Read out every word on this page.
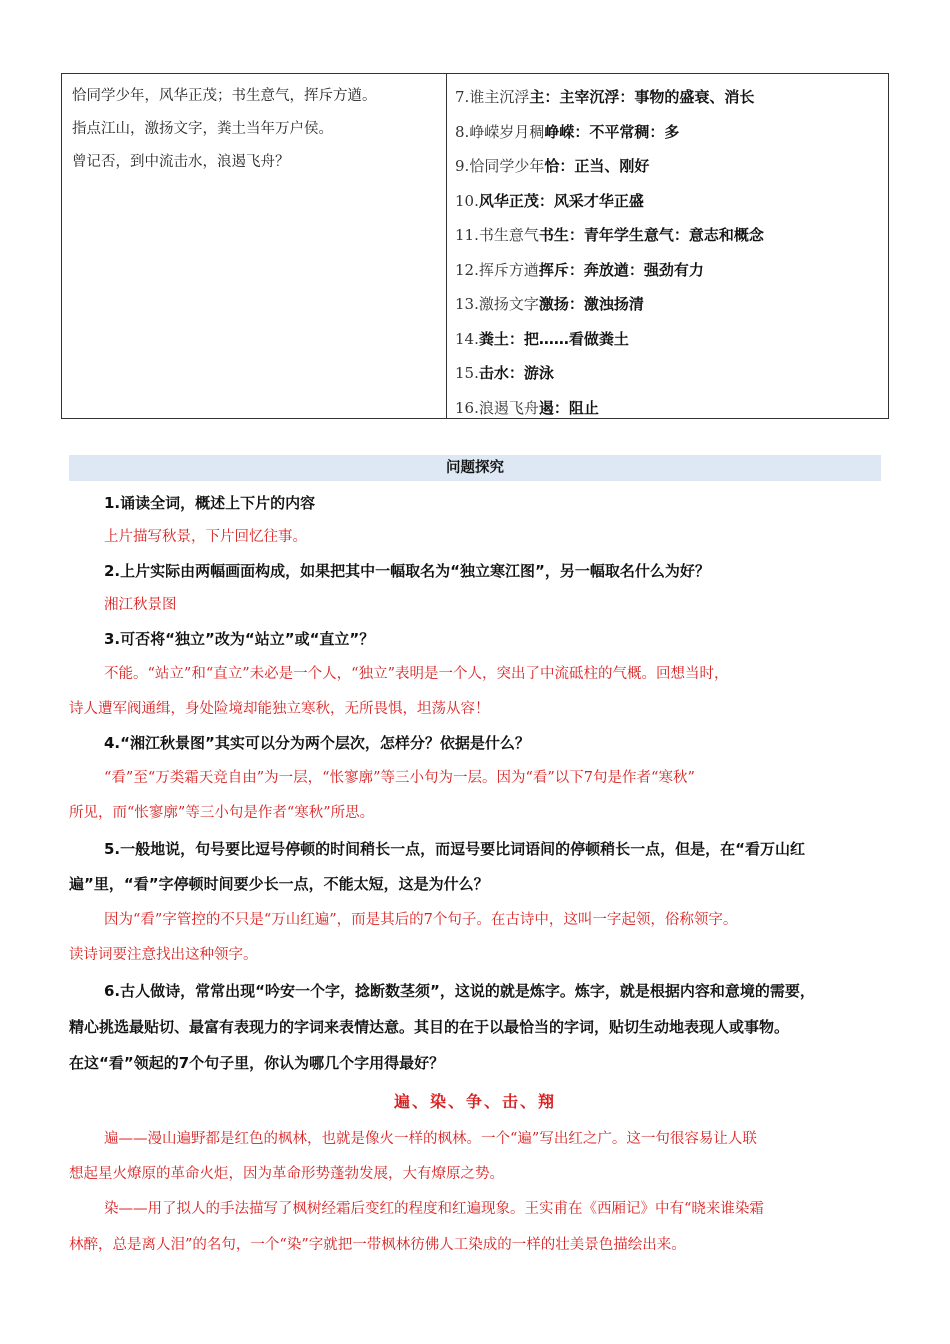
恰同学少年，风华正茂；书生意气，挥斥方遒。
指点江山，激扬文字，粪土当年万户侯。
曾记否，到中流击水，浪遏飞舟？
7.谁主沉浮主：主宰沉浮：事物的盛衰、消长
8.峥嵘岁月稠峥嵘：不平常稠：多
9.恰同学少年恰：正当、刚好
10.风华正茂：风采才华正盛
11.书生意气书生：青年学生意气：意志和概念
12.挥斥方遒挥斥：奔放遒：强劲有力
13.激扬文字激扬：激浊扬清
14.粪土：把……看做粪土
15.击水：游泳
16.浪遏飞舟遏：阻止
问题探究
1.诵读全词，概述上下片的内容
上片描写秋景，下片回忆往事。
2.上片实际由两幅画面构成，如果把其中一幅取名为“独立寒江图”，另一幅取名什么为好？
湘江秋景图
3.可否将“独立”改为“站立”或“直立”？
不能。“站立”和“直立”未必是一个人，“独立”表明是一个人，突出了中流砥柱的气概。回想当时，
诗人遭军阀通缉，身处险境却能独立寒秋，无所畏惧，坦荡从容！
4.“湘江秋景图”其实可以分为两个层次，怎样分？依据是什么？
“看”至“万类霜天竞自由”为一层，“怅寥廓”等三小句为一层。因为“看”以下7句是作者“寒秋”
所见，而“怅寥廓”等三小句是作者“寒秋”所思。
5.一般地说，句号要比逗号停顿的时间稍长一点，而逗号要比词语间的停顿稍长一点，但是，在“看万山红
遍”里，“看”字停顿时间要少长一点，不能太短，这是为什么？
因为“看”字管控的不只是“万山红遍”，而是其后的7个句子。在古诗中，这叫一字起领，俗称领字。
读诗词要注意找出这种领字。
6.古人做诗，常常出现“吟安一个字，捻断数茎须”，这说的就是炼字。炼字，就是根据内容和意境的需要，
精心挑选最贴切、最富有表现力的字词来表情达意。其目的在于以最恰当的字词，贴切生动地表现人或事物。
在这“看”领起的7个句子里，你认为哪几个字用得最好？
遍、染、争、击、翔
遍——漫山遍野都是红色的枫林，也就是像火一样的枫林。一个“遍”写出红之广。这一句很容易让人联
想起星火燎原的革命火炬，因为革命形势蓬勃发展，大有燎原之势。
染——用了拟人的手法描写了枫树经霜后变红的程度和红遍现象。王实甫在《西厢记》中有“晓来谁染霜
林醉，总是离人泪”的名句，一个“染”字就把一带枫林彷佛人工染成的一样的壮美景色描绘出来。
